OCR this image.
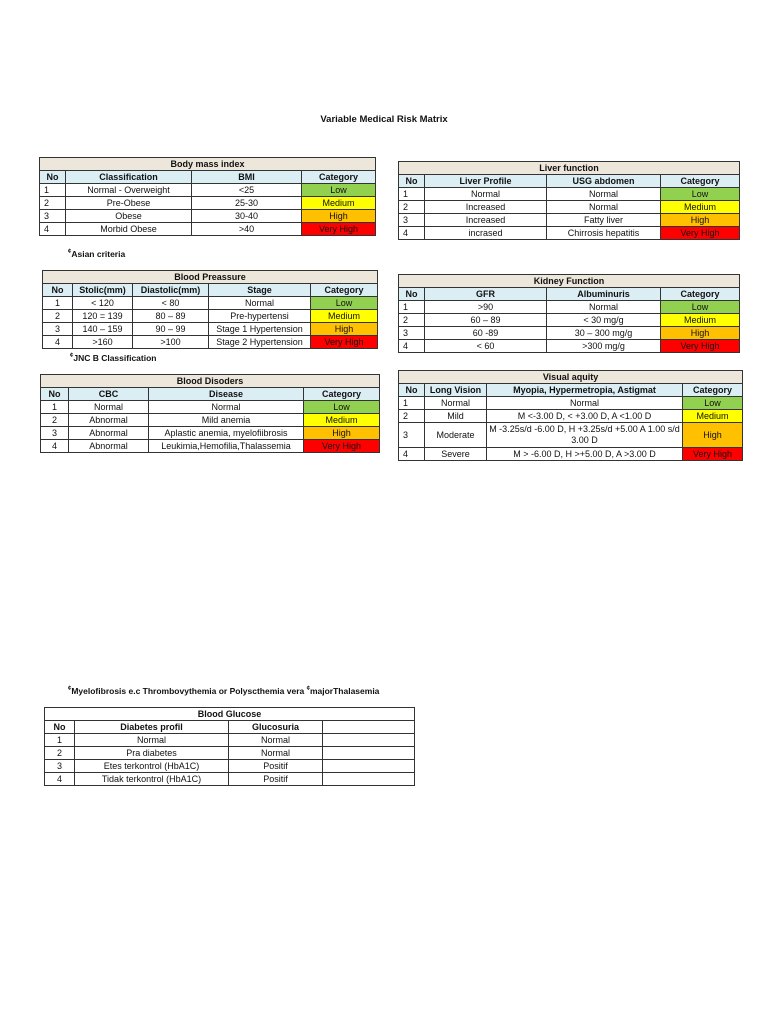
Variable Medical Risk Matrix
Body mass index			
No	Classification	BMI	Category
1	Normal - Overweight	<25	Low
2	Pre-Obese	25-30	Medium
3	Obese	30-40	High
4	Morbid Obese	>40	Very High
¢Asian criteria
Liver function			
No	Liver Profile	USG abdomen	Category
1	Normal	Normal	Low
2	Increased	Normal	Medium
3	Increased	Fatty liver	High
4	incrased	Chirrosis hepatitis	Very High
Blood Preassure				
No	Stolic(mm)	Diastolic(mm)	Stage	Category
1	< 120	< 80	Normal	Low
2	120 = 139	80 – 89	Pre-hypertensi	Medium
3	140 – 159	90 – 99	Stage 1 Hypertension	High
4	>160	>100	Stage 2 Hypertension	Very High
¢JNC B Classification
Kidney Function			
No	GFR	Albuminuris	Category
1	>90	Normal	Low
2	60 – 89	< 30 mg/g	Medium
3	60 -89	30 – 300 mg/g	High
4	< 60	>300 mg/g	Very High
Blood Disoders			
No	CBC	Disease	Category
1	Normal	Normal	Low
2	Abnormal	Mild anemia	Medium
3	Abnormal	Aplastic anemia, myelofiibrosis	High
4	Abnormal	Leukimia,Hemofilia,Thalassemia	Very High
Visual aquity			
No	Long Vision	Myopia, Hypermetropia, Astigmat	Category
1	Normal	Normal	Low
2	Mild	M <-3.00 D, < +3.00 D, A <1.00 D	Medium
3	Moderate	M -3.25s/d -6.00 D, H +3.25s/d +5.00 A 1.00 s/d 3.00 D	High
4	Severe	M > -6.00 D, H >+5.00 D, A >3.00 D	Very High
¢Myelofibrosis e.c Thrombovythemia or Polyscthemia vera ¢majorThalasemia
Blood Glucose			
No	Diabetes profil	Glucosuria	
1	Normal	Normal	
2	Pra diabetes	Normal	
3	Etes terkontrol (HbA1C)	Positif	
4	Tidak terkontrol (HbA1C)	Positif	
